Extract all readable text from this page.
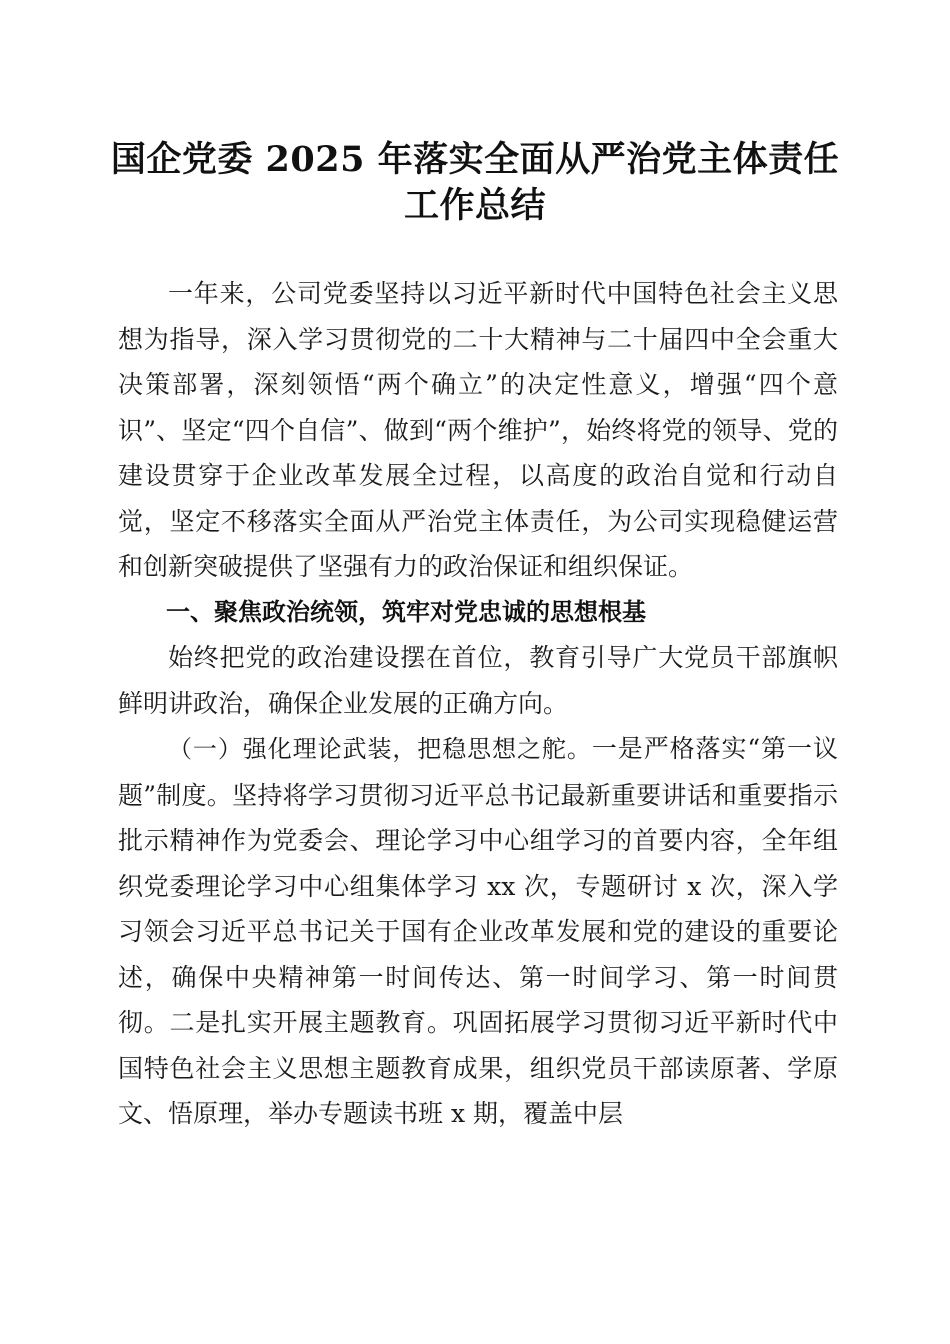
国企党委 2025 年落实全面从严治党主体责任
工作总结

一年来，公司党委坚持以习近平新时代中国特色社会主义思想为指导，深入学习贯彻党的二十大精神与二十届四中全会重大决策部署，深刻领悟“两个确立”的决定性意义，增强“四个意识”、坚定“四个自信”、做到“两个维护”，始终将党的领导、党的建设贯穿于企业改革发展全过程，以高度的政治自觉和行动自觉，坚定不移落实全面从严治党主体责任，为公司实现稳健运营和创新突破提供了坚强有力的政治保证和组织保证。

一、聚焦政治统领，筑牢对党忠诚的思想根基

始终把党的政治建设摆在首位，教育引导广大党员干部旗帜鲜明讲政治，确保企业发展的正确方向。

（一）强化理论武装，把稳思想之舵。一是严格落实“第一议题”制度。坚持将学习贯彻习近平总书记最新重要讲话和重要指示批示精神作为党委会、理论学习中心组学习的首要内容，全年组织党委理论学习中心组集体学习 xx 次，专题研讨 x 次，深入学习领会习近平总书记关于国有企业改革发展和党的建设的重要论述，确保中央精神第一时间传达、第一时间学习、第一时间贯彻。二是扎实开展主题教育。巩固拓展学习贯彻习近平新时代中国特色社会主义思想主题教育成果，组织党员干部读原著、学原文、悟原理，举办专题读书班 x 期，覆盖中层
